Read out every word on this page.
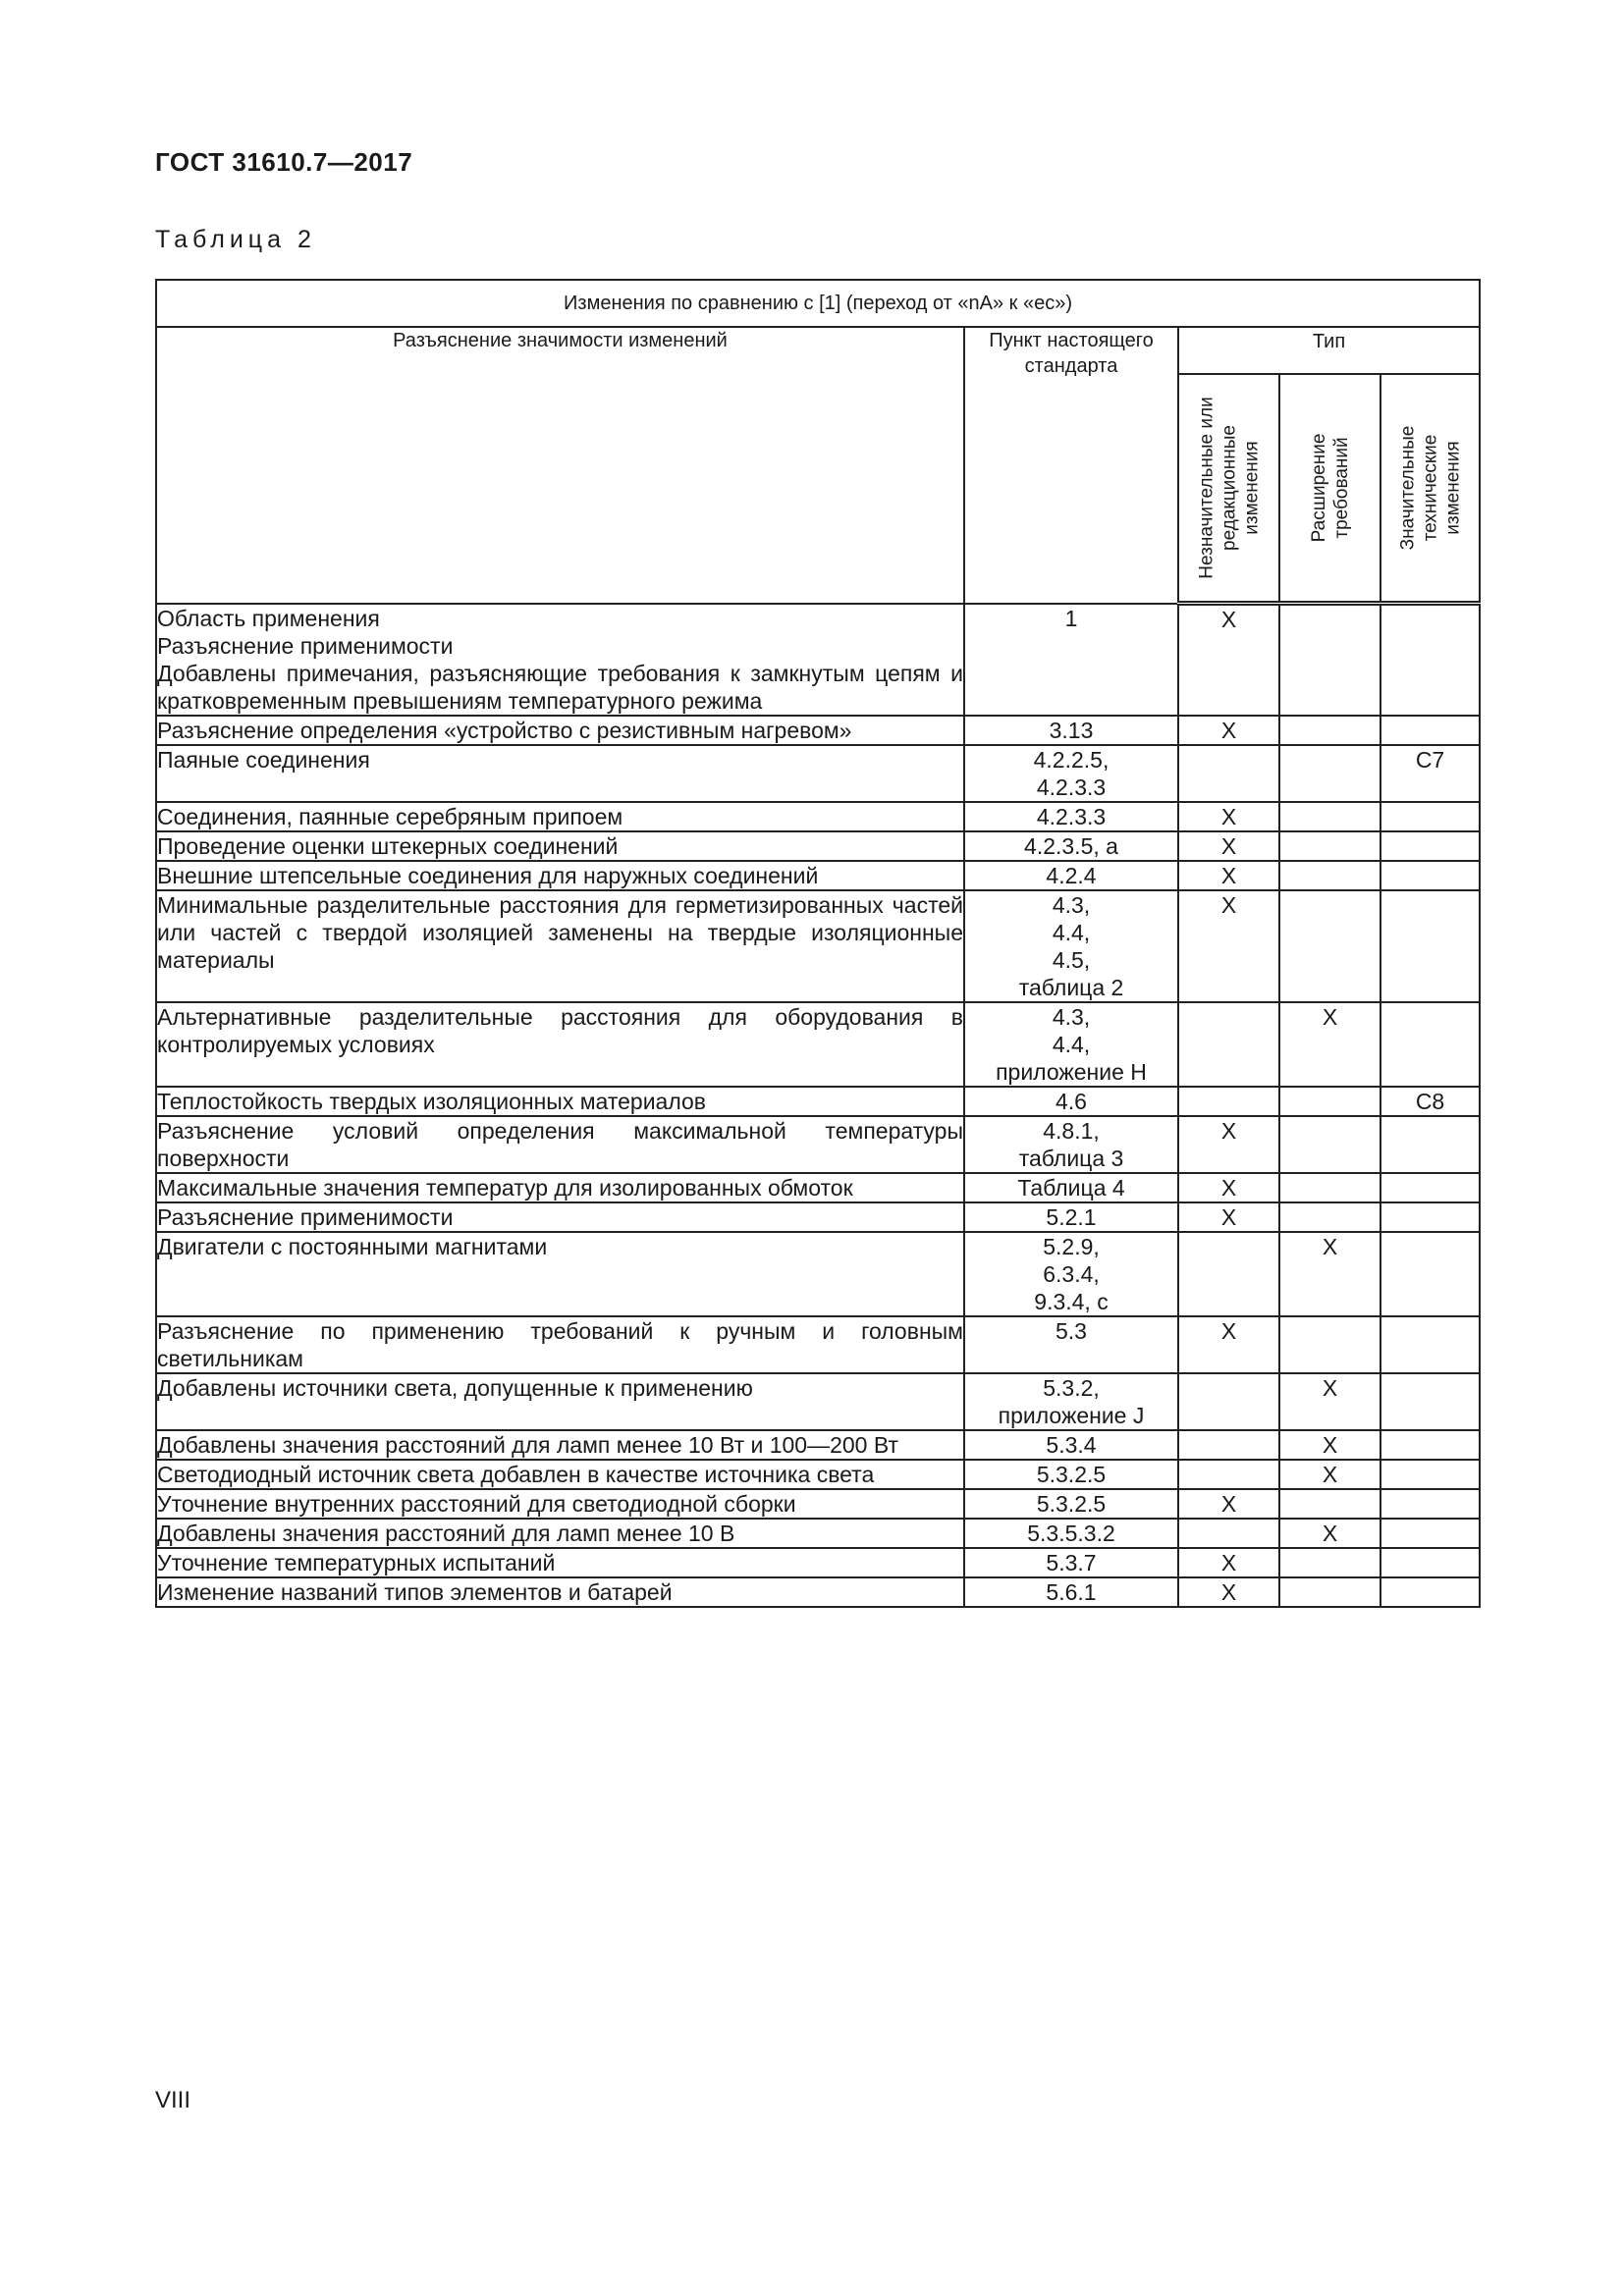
ГОСТ 31610.7—2017
Таблица 2
Изменения по сравнению с [1] (переход от «nA» к «ec»)				
Разъяснение значимости изменений	Пункт настоящего стандарта	Тип		

		Незначительные или редакционные изменения	Расширение требований	Значительные технические изменения

Область применения
Разъяснение применимости
Добавлены примечания, разъясняющие требования к замкнутым цепям и кратковременным превышениям температурного режима	1	X		

Разъяснение определения «устройство с резистивным нагревом»	3.13	X		

Паяные соединения	4.2.2.5,
4.2.3.3			C7

Соединения, паянные серебряным припоем	4.2.3.3	X		

Проведение оценки штекерных соединений	4.2.3.5, a	X		

Внешние штепсельные соединения для наружных соединений	4.2.4	X		

Минимальные разделительные расстояния для герметизированных частей или частей с твердой изоляцией заменены на твердые изоляционные материалы	4.3,
4.4,
4.5,
таблица 2	X		

Альтернативные разделительные расстояния для оборудования в контролируемых условиях	4.3,
4.4,
приложение Н		X	

Теплостойкость твердых изоляционных материалов	4.6			C8

Разъяснение условий определения максимальной температуры поверхности	4.8.1,
таблица 3	X		

Максимальные значения температур для изолированных обмоток	Таблица 4	X		

Разъяснение применимости	5.2.1	X		

Двигатели с постоянными магнитами	5.2.9,
6.3.4,
9.3.4, c		X	

Разъяснение по применению требований к ручным и головным светильникам	5.3	X		

Добавлены источники света, допущенные к применению	5.3.2,
приложение J		X	

Добавлены значения расстояний для ламп менее 10 Вт и 100—200 Вт	5.3.4		X	

Светодиодный источник света добавлен в качестве источника света	5.3.2.5		X	

Уточнение внутренних расстояний для светодиодной сборки	5.3.2.5	X		

Добавлены значения расстояний для ламп менее 10 В	5.3.5.3.2		X	

Уточнение температурных испытаний	5.3.7	X		

Изменение названий типов элементов и батарей	5.6.1	X		
VIII
